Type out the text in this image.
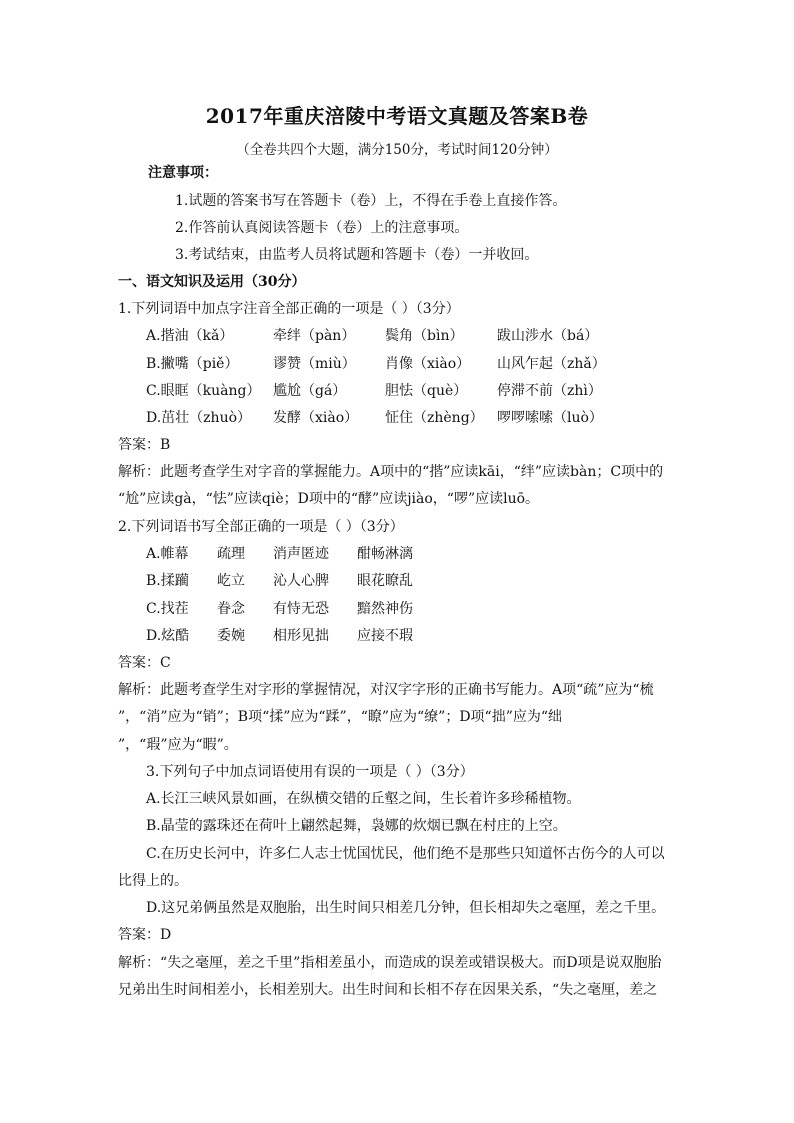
2017年重庆涪陵中考语文真题及答案B卷
（全卷共四个大题，满分150分，考试时间120分钟）
注意事项：
1.试题的答案书写在答题卡（卷）上，不得在手卷上直接作答。
2.作答前认真阅读答题卡（卷）上的注意事项。
3.考试结束，由监考人员将试题和答题卡（卷）一并收回。
一、语文知识及运用（30分）
1.下列词语中加点字注音全部正确的一项是（ ）（3分）
A.揩油（kǎ）	牵绊（pàn） 鬓角（bìn） 跋山涉水（bá）
B.撇嘴（piě） 谬赞（miù） 肖像（xiào） 山风乍起（zhǎ）
C.眼眶（kuàng） 尴尬（gá）	胆怯（què） 停滞不前（zhì）
D.茁壮（zhuò） 发酵（xiào） 怔住（zhèng） 啰啰嗦嗦（luò）
答案：B
解析：此题考查学生对字音的掌握能力。A项中的“揩”应读kāi，“绊”应读bàn；C项中的
“尬”应读gà，“怯”应读qiè；D项中的“酵”应读jiào，“啰”应读luō。
2.下列词语书写全部正确的一项是（ ）（3分）
A.帷幕 疏理 消声匿迹 酣畅淋漓
B.揉躏 屹立 沁人心脾 眼花瞭乱
C.找茬 眷念 有恃无恐 黯然神伤
D.炫酷 委婉 相形见拙 应接不瑕
答案：C
解析：此题考查学生对字形的掌握情况，对汉字字形的正确书写能力。A项“疏”应为“梳
”，“消”应为“销”；B项“揉”应为“蹂”，“瞭”应为“缭”；D项“拙”应为“绌
”，“瑕”应为“暇”。
3.下列句子中加点词语使用有误的一项是（ ）（3分）
A.长江三峡风景如画，在纵横交错的丘壑之间，生长着许多珍稀植物。
B.晶莹的露珠还在荷叶上翩然起舞，袅娜的炊烟已飘在村庄的上空。
C.在历史长河中，许多仁人志士忧国忧民，他们绝不是那些只知道怀古伤今的人可以
比得上的。
D.这兄弟俩虽然是双胞胎，出生时间只相差几分钟，但长相却失之毫厘，差之千里。
答案：D
解析：“失之毫厘，差之千里”指相差虽小，而造成的误差或错误极大。而D项是说双胞胎
兄弟出生时间相差小，长相差别大。出生时间和长相不存在因果关系，“失之毫厘，差之
